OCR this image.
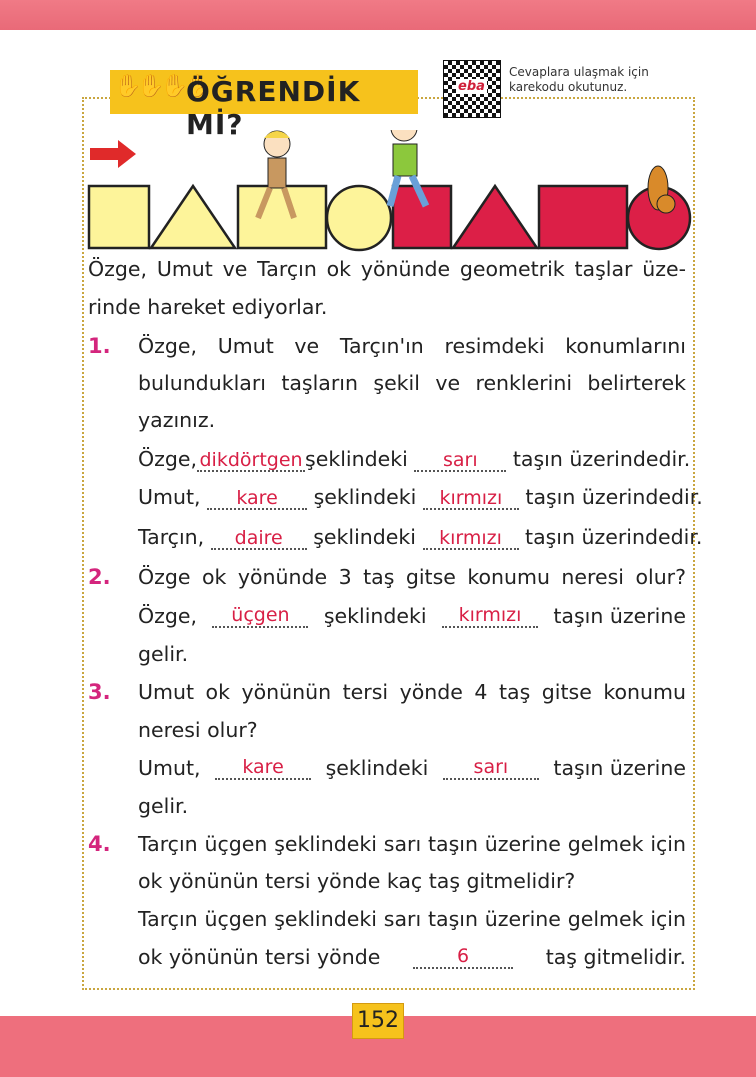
✋✋✋✋
ÖĞRENDİK Mİ?
eba
Cevaplara ulaşmak için
karekodu okutunuz.
Özge, Umut ve Tarçın ok yönünde geometrik taşlar üze-
rinde hareket ediyorlar.
1. Özge, Umut ve Tarçın'ın resimdeki konumlarını
bulundukları taşların şekil ve renklerini belirterek
yazınız.
Özge, dikdörtgen şeklindeki sarı taşın üzerindedir.
Umut, kare şeklindeki kırmızı taşın üzerindedir.
Tarçın, daire şeklindeki kırmızı taşın üzerindedir.
2. Özge ok yönünde 3 taş gitse konumu neresi olur?
Özge,	üçgen	şeklindeki	kırmızı	taşın üzerine
gelir.
3. Umut ok yönünün tersi yönde 4 taş gitse konumu
neresi olur?
Umut,	kare	şeklindeki	sarı	taşın üzerine
gelir.
4. Tarçın üçgen şeklindeki sarı taşın üzerine gelmek için
ok yönünün tersi yönde kaç taş gitmelidir?
Tarçın üçgen şeklindeki sarı taşın üzerine gelmek için
ok yönünün tersi yönde	6	taş gitmelidir.
152
